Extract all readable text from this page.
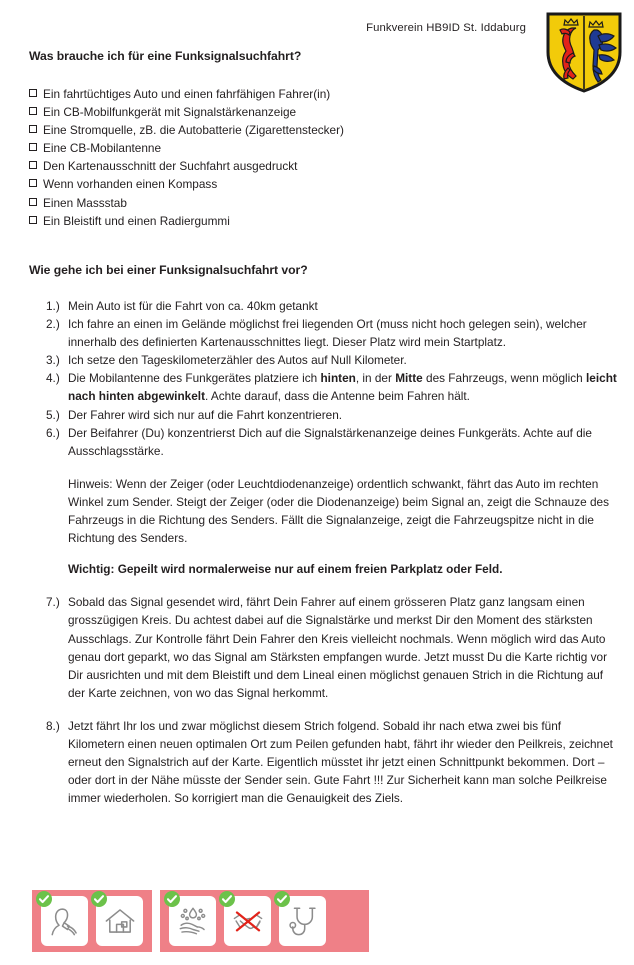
Funkverein HB9ID St. Iddaburg
Was brauche ich für eine Funksignalsuchfahrt?
Ein fahrtüchtiges Auto und einen fahrfähigen Fahrer(in)
Ein CB-Mobilfunkgerät mit Signalstärkenanzeige
Eine Stromquelle, zB. die Autobatterie (Zigarettenstecker)
Eine CB-Mobilantenne
Den Kartenausschnitt der Suchfahrt ausgedruckt
Wenn vorhanden einen Kompass
Einen Massstab
Ein Bleistift und einen Radiergummi
Wie gehe ich bei einer Funksignalsuchfahrt vor?
1.) Mein Auto ist für die Fahrt von ca. 40km getankt
2.) Ich fahre an einen im Gelände möglichst frei liegenden Ort (muss nicht hoch gelegen sein), welcher innerhalb des definierten Kartenausschnittes liegt. Dieser Platz wird mein Startplatz.
3.) Ich setze den Tageskilometerzähler des Autos auf Null Kilometer.
4.) Die Mobilantenne des Funkgerätes platziere ich hinten, in der Mitte des Fahrzeugs, wenn möglich leicht nach hinten abgewinkelt. Achte darauf, dass die Antenne beim Fahren hält.
5.) Der Fahrer wird sich nur auf die Fahrt konzentrieren.
6.) Der Beifahrer (Du) konzentrierst Dich auf die Signalstärkenanzeige deines Funkgeräts. Achte auf die Ausschlagsstärke.
Hinweis: Wenn der Zeiger (oder Leuchtdiodenanzeige) ordentlich schwankt, fährt das Auto im rechten Winkel zum Sender. Steigt der Zeiger (oder die Diodenanzeige) beim Signal an, zeigt die Schnauze des Fahrzeugs in die Richtung des Senders. Fällt die Signalanzeige, zeigt die Fahrzeugspitze nicht in die Richtung des Senders.
Wichtig: Gepeilt wird normalerweise nur auf einem freien Parkplatz oder Feld.
7.) Sobald das Signal gesendet wird, fährt Dein Fahrer auf einem grösseren Platz ganz langsam einen grosszügigen Kreis. Du achtest dabei auf die Signalstärke und merkst Dir den Moment des stärksten Ausschlags. Zur Kontrolle fährt Dein Fahrer den Kreis vielleicht nochmals. Wenn möglich wird das Auto genau dort geparkt, wo das Signal am Stärksten empfangen wurde. Jetzt musst Du die Karte richtig vor Dir ausrichten und mit dem Bleistift und dem Lineal einen möglichst genauen Strich in die Richtung auf der Karte zeichnen, von wo das Signal herkommt.
8.) Jetzt fährt Ihr los und zwar möglichst diesem Strich folgend. Sobald ihr nach etwa zwei bis fünf Kilometern einen neuen optimalen Ort zum Peilen gefunden habt, fährt ihr wieder den Peilkreis, zeichnet erneut den Signalstrich auf der Karte. Eigentlich müsstet ihr jetzt einen Schnittpunkt bekommen. Dort – oder dort in der Nähe müsste der Sender sein. Gute Fahrt !!! Zur Sicherheit kann man solche Peilkreise immer wiederholen. So korrigiert man die Genauigkeit des Ziels.
